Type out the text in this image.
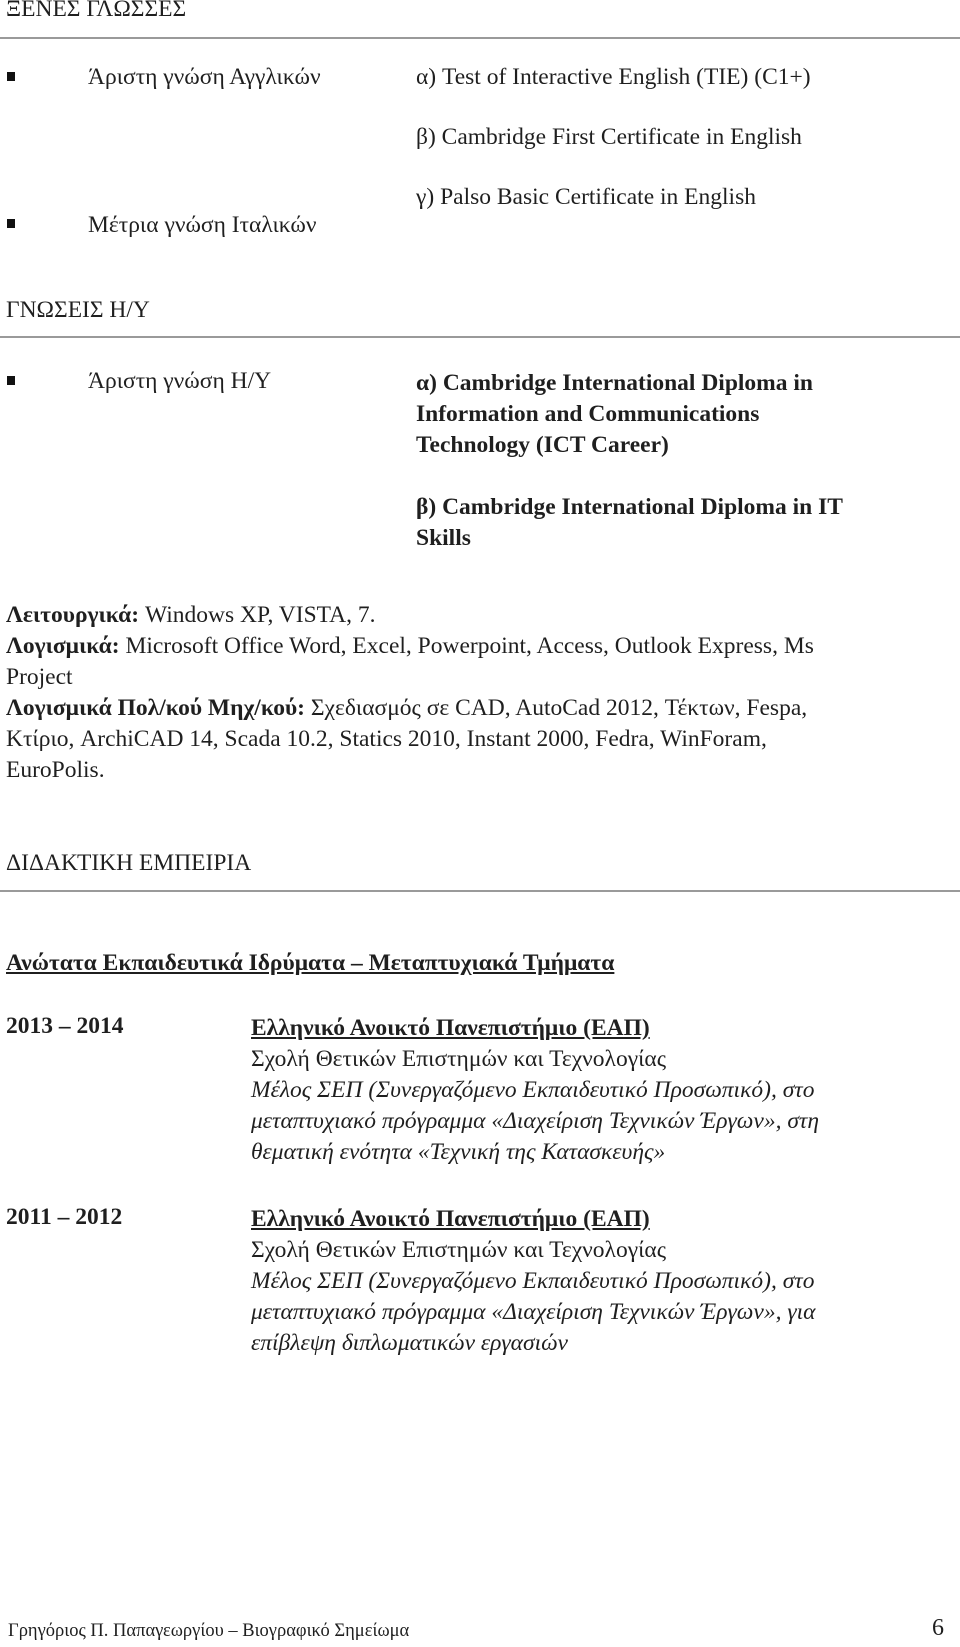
ΞΕΝΕΣ ΓΛΩΣΣΕΣ
Άριστη γνώση Αγγλικών	α) Test of Interactive English (TIE) (C1+)
β) Cambridge First Certificate in English
γ) Palso Basic Certificate in English
Μέτρια γνώση Ιταλικών
ΓΝΩΣΕΙΣ Η/Υ
Άριστη γνώση Η/Υ	α) Cambridge International Diploma in
Information and Communications
Technology (ICT Career)
β) Cambridge International Diploma in IT
Skills
Λειτουργικά: Windows XP, VISTA, 7.
Λογισμικά: Microsoft Office Word, Excel, Powerpoint, Access, Outlook Express, Ms
Project
Λογισμικά Πολ/κού Μηχ/κού: Σχεδιασμός σε CAD, AutoCad 2012, Τέκτων, Fespa,
Κτίριο, ArchiCAD 14, Scada 10.2, Statics 2010, Instant 2000, Fedra, WinForam,
EuroPolis.
ΔΙΔΑΚΤΙΚΗ ΕΜΠΕΙΡΙΑ
Ανώτατα Εκπαιδευτικά Ιδρύματα – Μεταπτυχιακά Τμήματα
2013 – 2014	Ελληνικό Ανοικτό Πανεπιστήμιο (ΕΑΠ)
Σχολή Θετικών Επιστημών και Τεχνολογίας
Μέλος ΣΕΠ (Συνεργαζόμενο Εκπαιδευτικό Προσωπικό), στο
μεταπτυχιακό πρόγραμμα «Διαχείριση Τεχνικών Έργων», στη
θεματική ενότητα «Τεχνική της Κατασκευής»
2011 – 2012	Ελληνικό Ανοικτό Πανεπιστήμιο (ΕΑΠ)
Σχολή Θετικών Επιστημών και Τεχνολογίας
Μέλος ΣΕΠ (Συνεργαζόμενο Εκπαιδευτικό Προσωπικό), στο
μεταπτυχιακό πρόγραμμα «Διαχείριση Τεχνικών Έργων», για
επίβλεψη διπλωματικών εργασιών
Γρηγόριος Π. Παπαγεωργίου – Βιογραφικό Σημείωμα	6
